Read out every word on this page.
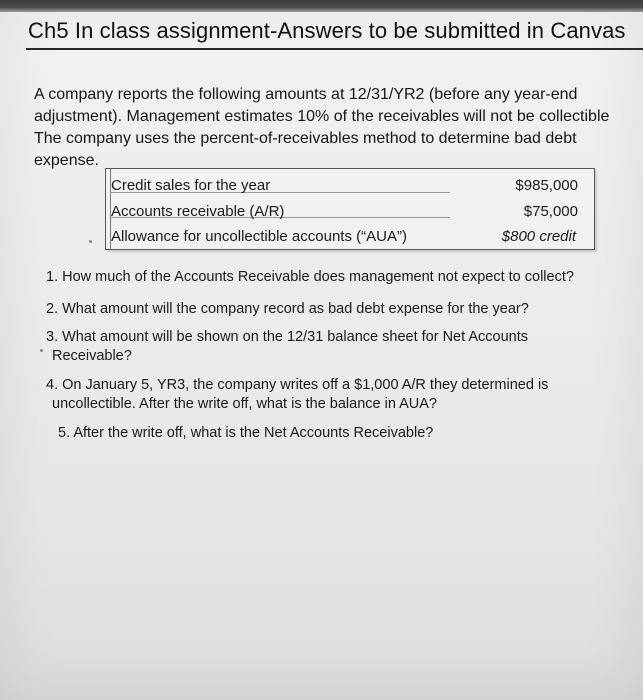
Ch5 In class assignment-Answers to be submitted in Canvas
A company reports the following amounts at 12/31/YR2 (before any year-end
adjustment). Management estimates 10% of the receivables will not be collectible
The company uses the percent-of-receivables method to determine bad debt
expense.
Credit sales for the year	$985,000
Accounts receivable (A/R)	$75,000
Allowance for uncollectible accounts (“AUA”)	$800 credit
1. How much of the Accounts Receivable does management not expect to collect?
2. What amount will the company record as bad debt expense for the year?
3. What amount will be shown on the 12/31 balance sheet for Net Accounts
Receivable?
4. On January 5, YR3, the company writes off a $1,000 A/R they determined is
uncollectible. After the write off, what is the balance in AUA?
5. After the write off, what is the Net Accounts Receivable?
